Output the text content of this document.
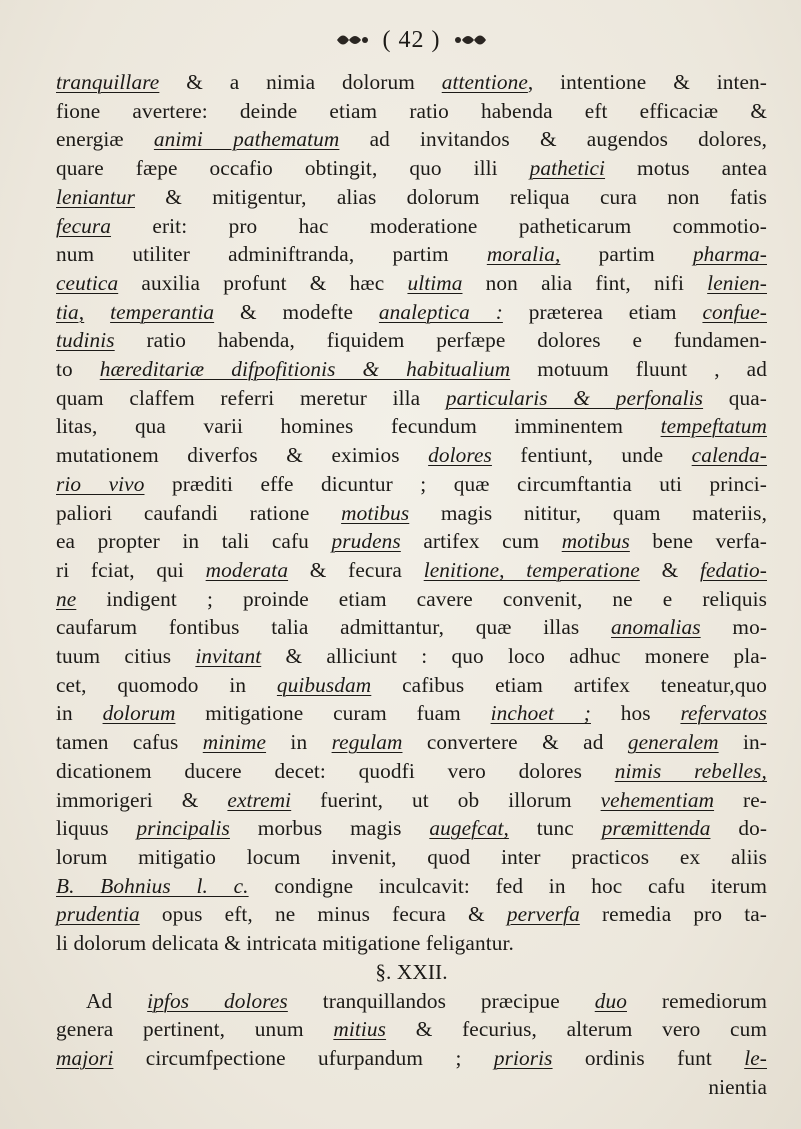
( 42 )
tranquillare & a nimia dolorum attentione, intentione & inten-
fione avertere: deinde etiam ratio habenda eft efficaciæ &
energiæ animi pathematum ad invitandos & augendos dolores,
quare fæpe occafio obtingit, quo illi pathetici motus antea
leniantur & mitigentur, alias dolorum reliqua cura non fatis
fecura erit: pro hac moderatione patheticarum commotio-
num utiliter adminiftranda, partim moralia, partim pharma-
ceutica auxilia profunt & hæc ultima non alia fint, nifi lenien-
tia, temperantia & modefte analeptica : præterea etiam confue-
tudinis ratio habenda, fiquidem perfæpe dolores e fundamen-
to hæreditariæ difpofitionis & habitualium motuum fluunt , ad
quam claffem referri meretur illa particularis & perfonalis qua-
litas, qua varii homines fecundum imminentem tempeftatum
mutationem diverfos & eximios dolores fentiunt, unde calenda-
rio vivo præditi effe dicuntur ; quæ circumftantia uti princi-
paliori caufandi ratione motibus magis nititur, quam materiis,
ea propter in tali cafu prudens artifex cum motibus bene verfa-
ri fciat, qui moderata & fecura lenitione, temperatione & fedatio-
ne indigent ; proinde etiam cavere convenit, ne e reliquis
caufarum fontibus talia admittantur, quæ illas anomalias mo-
tuum citius invitant & alliciunt : quo loco adhuc monere pla-
cet, quomodo in quibusdam cafibus etiam artifex teneatur,quo
in dolorum mitigatione curam fuam inchoet ; hos refervatos
tamen cafus minime in regulam convertere & ad generalem in-
dicationem ducere decet: quodfi vero dolores nimis rebelles,
immorigeri & extremi fuerint, ut ob illorum vehementiam re-
liquus principalis morbus magis augefcat, tunc præmittenda do-
lorum mitigatio locum invenit, quod inter practicos ex aliis
B. Bohnius l. c. condigne inculcavit: fed in hoc cafu iterum
prudentia opus eft, ne minus fecura & perverfa remedia pro ta-
li dolorum delicata & intricata mitigatione feligantur.
§. XXII.
Ad ipfos dolores tranquillandos præcipue duo remediorum
genera pertinent, unum mitius & fecurius, alterum vero cum
majori circumfpectione ufurpandum ; prioris ordinis funt le-
nientia
